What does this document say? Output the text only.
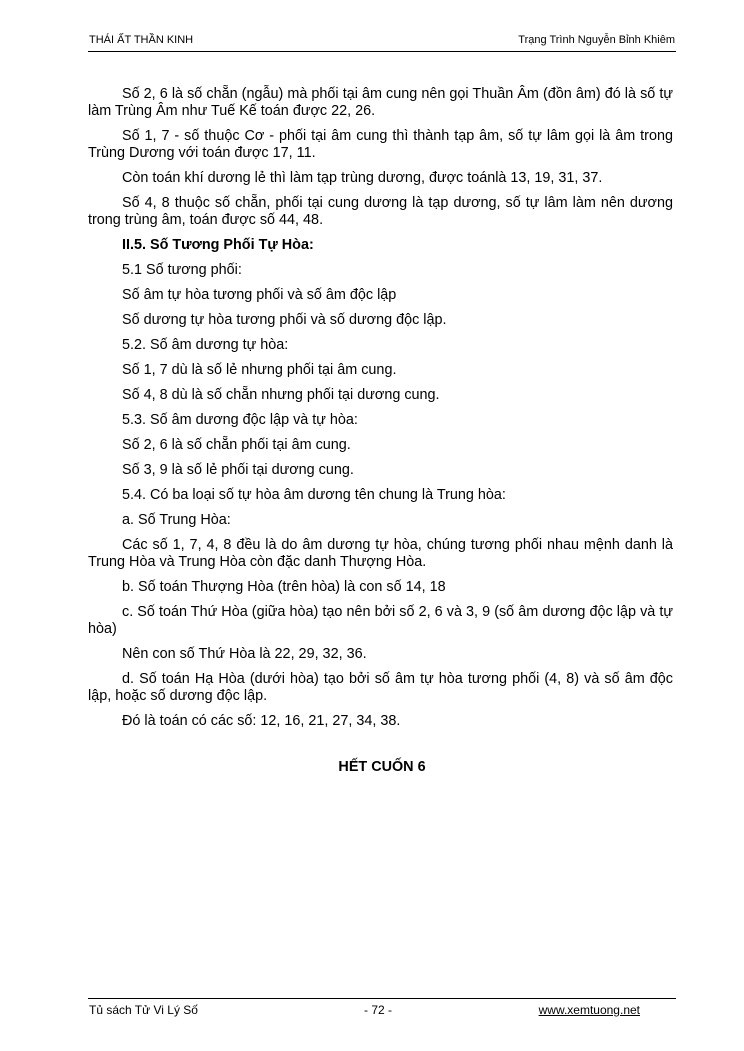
THÁI ẤT THẦN KINH	Trạng Trình Nguyễn Bỉnh Khiêm

Số 2, 6 là số chẵn (ngẫu) mà phối tại âm cung nên gọi Thuần Âm (đồn âm) đó là số tự làm Trùng Âm như Tuế Kế toán được 22, 26.

Số 1, 7 - số thuộc Cơ - phối tại âm cung thì thành tạp âm, số tự lâm gọi là âm trong Trùng Dương với toán được 17, 11.

Còn toán khí dương lẻ thì làm tạp trùng dương, được toánlà 13, 19, 31, 37.

Số 4, 8 thuộc số chẵn, phối tại cung dương là tạp dương, số tự lâm làm nên dương trong trùng âm, toán được số 44, 48.

II.5. Số Tương Phối Tự Hòa:

5.1 Số tương phối:

Số âm tự hòa tương phối và số âm độc lập

Số dương tự hòa tương phối và số dương độc lập.

5.2. Số âm dương tự hòa:

Số 1, 7 dù là số lẻ nhưng phối tại âm cung.

Số 4, 8 dù là số chẵn nhưng phối tại dương cung.

5.3. Số âm dương độc lập và tự hòa:

Số 2, 6 là số chẵn phối tại âm cung.

Số 3, 9 là số lẻ phối tại dương cung.

5.4. Có ba loại số tự hòa âm dương tên chung là Trung hòa:

a. Số Trung Hòa:

Các số 1, 7, 4, 8 đều là do âm dương tự hòa, chúng tương phối nhau mệnh danh là Trung Hòa và Trung Hòa còn đặc danh Thượng Hòa.

b. Số toán Thượng Hòa (trên hòa) là con số 14, 18

c. Số toán Thứ Hòa (giữa hòa) tạo nên bởi số 2, 6 và 3, 9 (số âm dương độc lập và tự hòa)

Nên con số Thứ Hòa là 22, 29, 32, 36.

d. Số toán Hạ Hòa (dưới hòa) tạo bởi số âm tự hòa tương phối (4, 8) và số âm độc lập, hoặc số dương độc lập.

Đó là toán có các số: 12, 16, 21, 27, 34, 38.

HẾT CUỐN 6
Tủ sách Tử Vi Lý Số	- 72 -	www.xemtuong.net
